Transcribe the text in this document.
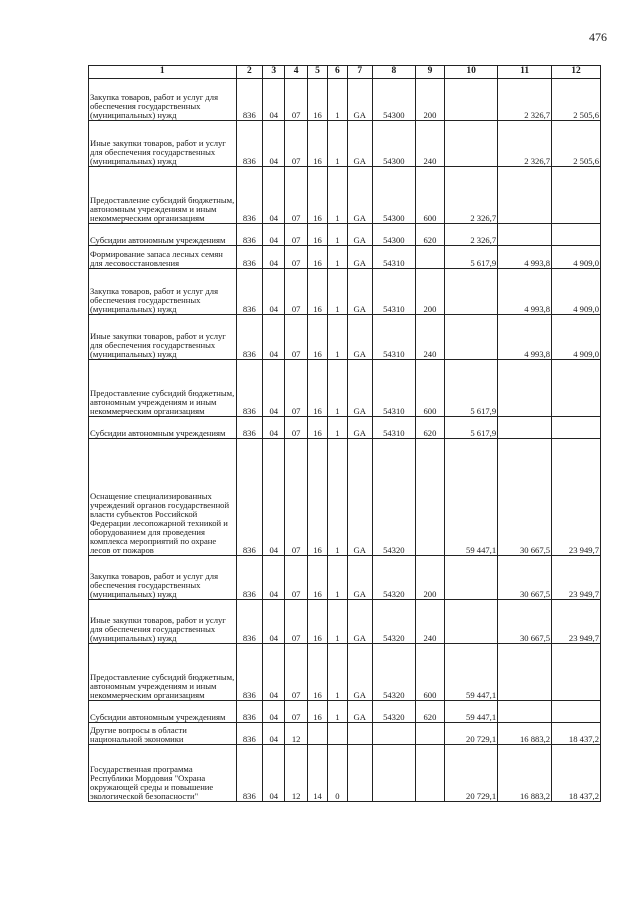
476
1	2	3	4	5	6	7	8	9	10	11	12
Закупка товаров, работ и услуг для обеспечения государственных (муниципальных) нужд	836	04	07	16	1	GA	54300	200		2 326,7	2 505,6
Иные закупки товаров, работ и услуг для обеспечения государственных (муниципальных) нужд	836	04	07	16	1	GA	54300	240		2 326,7	2 505,6
Предоставление субсидий бюджетным, автономным учреждениям и иным некоммерческим организациям	836	04	07	16	1	GA	54300	600	2 326,7		
Субсидии автономным учреждениям	836	04	07	16	1	GA	54300	620	2 326,7		
Формирование запаса лесных семян для лесовосстановления	836	04	07	16	1	GA	54310		5 617,9	4 993,8	4 909,0
Закупка товаров, работ и услуг для обеспечения государственных (муниципальных) нужд	836	04	07	16	1	GA	54310	200		4 993,8	4 909,0
Иные закупки товаров, работ и услуг для обеспечения государственных (муниципальных) нужд	836	04	07	16	1	GA	54310	240		4 993,8	4 909,0
Предоставление субсидий бюджетным, автономным учреждениям и иным некоммерческим организациям	836	04	07	16	1	GA	54310	600	5 617,9		
Субсидии автономным учреждениям	836	04	07	16	1	GA	54310	620	5 617,9		
Оснащение специализированных учреждений органов государственной власти субъектов Российской Федерации лесопожарной техникой и оборудованием для проведения комплекса мероприятий по охране лесов от пожаров	836	04	07	16	1	GA	54320		59 447,1	30 667,5	23 949,7
Закупка товаров, работ и услуг для обеспечения государственных (муниципальных) нужд	836	04	07	16	1	GA	54320	200		30 667,5	23 949,7
Иные закупки товаров, работ и услуг для обеспечения государственных (муниципальных) нужд	836	04	07	16	1	GA	54320	240		30 667,5	23 949,7
Предоставление субсидий бюджетным, автономным учреждениям и иным некоммерческим организациям	836	04	07	16	1	GA	54320	600	59 447,1		
Субсидии автономным учреждениям	836	04	07	16	1	GA	54320	620	59 447,1		
Другие вопросы в области национальной экономики	836	04	12						20 729,1	16 883,2	18 437,2
Государственная программа Республики Мордовия "Охрана окружающей среды и повышение экологической безопасности"	836	04	12	14	0				20 729,1	16 883,2	18 437,2
